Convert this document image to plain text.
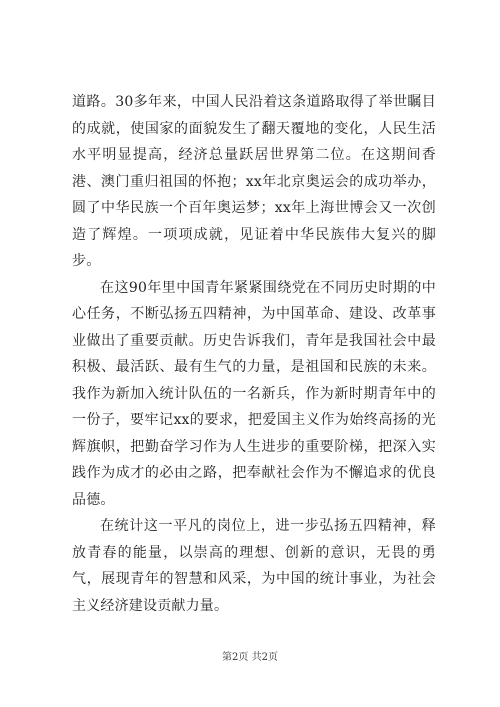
道路。30多年来，中国人民沿着这条道路取得了举世瞩目的成就，使国家的面貌发生了翻天覆地的变化，人民生活水平明显提高，经济总量跃居世界第二位。在这期间香港、澳门重归祖国的怀抱；xx年北京奥运会的成功举办，圆了中华民族一个百年奥运梦；xx年上海世博会又一次创造了辉煌。一项项成就，见证着中华民族伟大复兴的脚步。

在这90年里中国青年紧紧围绕党在不同历史时期的中心任务，不断弘扬五四精神，为中国革命、建设、改革事业做出了重要贡献。历史告诉我们，青年是我国社会中最积极、最活跃、最有生气的力量，是祖国和民族的未来。我作为新加入统计队伍的一名新兵，作为新时期青年中的一份子，要牢记xx的要求，把爱国主义作为始终高扬的光辉旗帜，把勤奋学习作为人生进步的重要阶梯，把深入实践作为成才的必由之路，把奉献社会作为不懈追求的优良品德。

在统计这一平凡的岗位上，进一步弘扬五四精神，释放青春的能量，以崇高的理想、创新的意识，无畏的勇气，展现青年的智慧和风采，为中国的统计事业，为社会主义经济建设贡献力量。

第2页 共2页
